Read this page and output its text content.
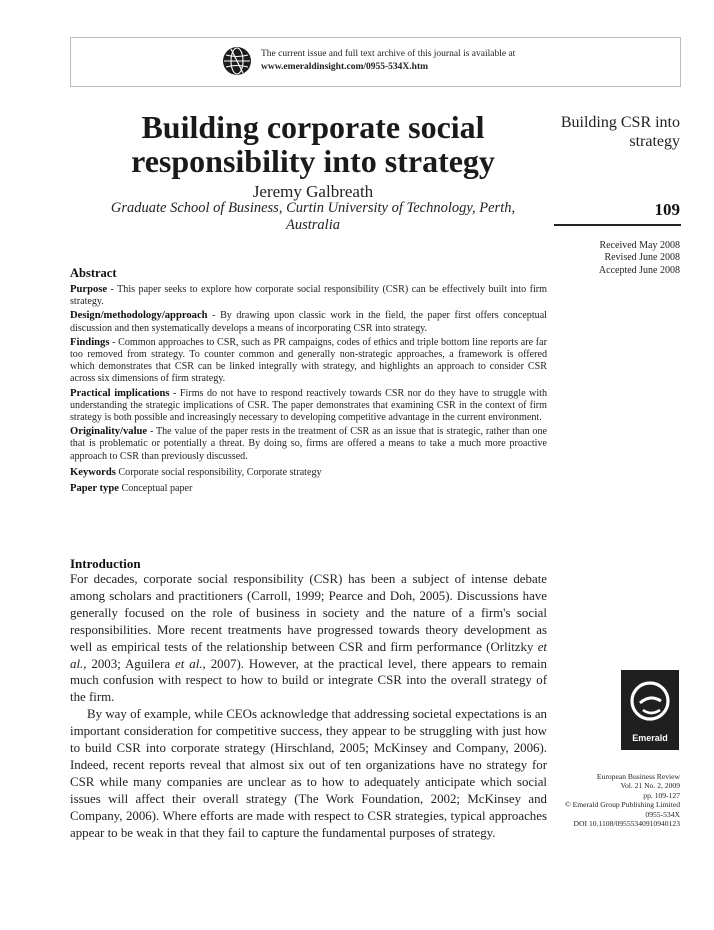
The current issue and full text archive of this journal is available at
www.emeraldinsight.com/0955-534X.htm
Building corporate social responsibility into strategy
Jeremy Galbreath
Graduate School of Business, Curtin University of Technology, Perth, Australia
Building CSR into strategy
109
Received May 2008
Revised June 2008
Accepted June 2008
Abstract

Purpose - This paper seeks to explore how corporate social responsibility (CSR) can be effectively built into firm strategy.

Design/methodology/approach - By drawing upon classic work in the field, the paper first offers conceptual discussion and then systematically develops a means of incorporating CSR into strategy.

Findings - Common approaches to CSR, such as PR campaigns, codes of ethics and triple bottom line reports are far too removed from strategy. To counter common and generally non-strategic approaches, a framework is offered which demonstrates that CSR can be linked integrally with strategy, and highlights an approach to consider CSR across six dimensions of firm strategy.

Practical implications - Firms do not have to respond reactively towards CSR nor do they have to struggle with understanding the strategic implications of CSR. The paper demonstrates that examining CSR in the context of firm strategy is both possible and increasingly necessary to developing competitive advantage in the current environment.

Originality/value - The value of the paper rests in the treatment of CSR as an issue that is strategic, rather than one that is problematic or potentially a threat. By doing so, firms are offered a means to take a much more proactive approach to CSR than previously discussed.

Keywords Corporate social responsibility, Corporate strategy

Paper type Conceptual paper

Introduction

For decades, corporate social responsibility (CSR) has been a subject of intense debate among scholars and practitioners (Carroll, 1999; Pearce and Doh, 2005). Discussions have generally focused on the role of business in society and the nature of a firm's social responsibilities. More recent treatments have progressed towards theory development as well as empirical tests of the relationship between CSR and firm performance (Orlitzky et al., 2003; Aguilera et al., 2007). However, at the practical level, there appears to remain much confusion with respect to how to build or integrate CSR into the overall strategy of the firm.

By way of example, while CEOs acknowledge that addressing societal expectations is an important consideration for competitive success, they appear to be struggling with just how to build CSR into corporate strategy (Hirschland, 2005; McKinsey and Company, 2006). Indeed, recent reports reveal that almost six out of ten organizations have no strategy for CSR while many companies are unclear as to how to adequately anticipate which social issues will affect their overall strategy (The Work Foundation, 2002; McKinsey and Company, 2006). Where efforts are made with respect to CSR strategies, typical approaches appear to be weak in that they fail to capture the fundamental purposes of strategy.

Emerald
European Business Review
Vol. 21 No. 2, 2009
pp. 109-127
© Emerald Group Publishing Limited
0955-534X
DOI 10.1108/09555340910940123
